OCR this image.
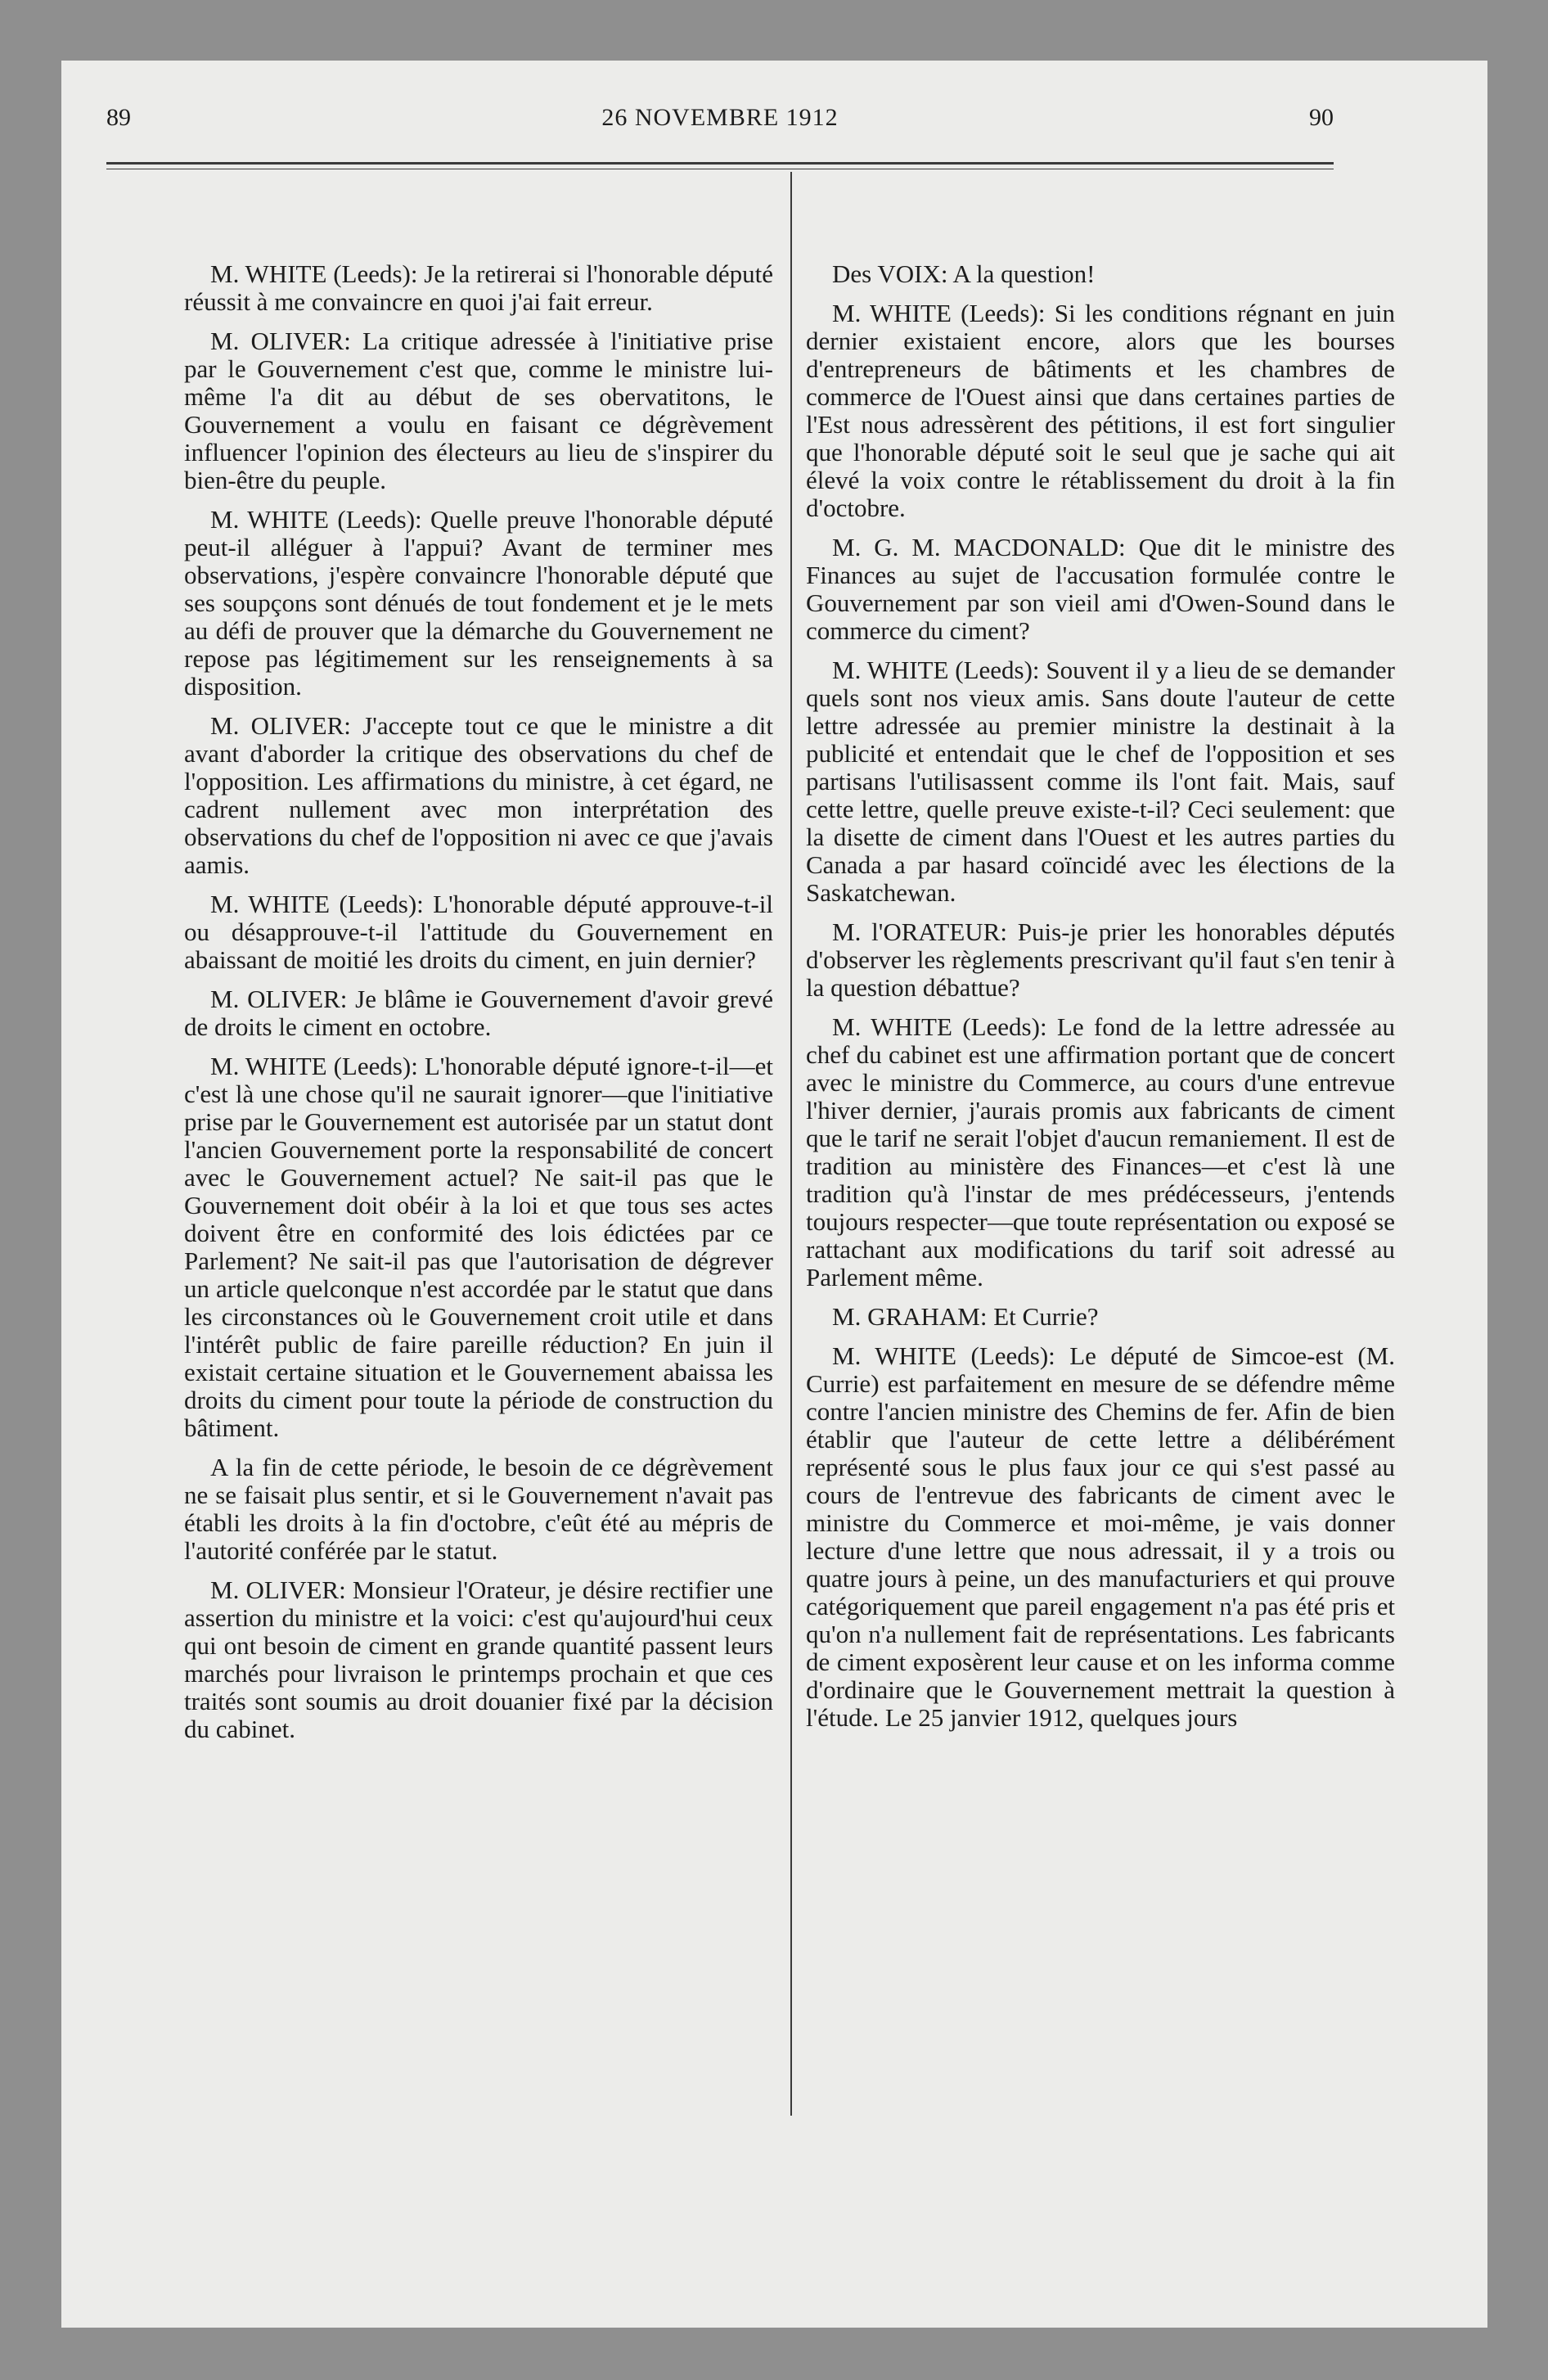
89	26 NOVEMBRE 1912	90

M. WHITE (Leeds): Je la retirerai si l'honorable député réussit à me convaincre en quoi j'ai fait erreur.

M. OLIVER: La critique adressée à l'initiative prise par le Gouvernement c'est que, comme le ministre lui-même l'a dit au début de ses obervatitons, le Gouvernement a voulu en faisant ce dégrèvement influencer l'opinion des électeurs au lieu de s'inspirer du bien-être du peuple.

M. WHITE (Leeds): Quelle preuve l'honorable député peut-il alléguer à l'appui? Avant de terminer mes observations, j'espère convaincre l'honorable député que ses soupçons sont dénués de tout fondement et je le mets au défi de prouver que la démarche du Gouvernement ne repose pas légitimement sur les renseignements à sa disposition.

M. OLIVER: J'accepte tout ce que le ministre a dit avant d'aborder la critique des observations du chef de l'opposition. Les affirmations du ministre, à cet égard, ne cadrent nullement avec mon interprétation des observations du chef de l'opposition ni avec ce que j'avais aamis.

M. WHITE (Leeds): L'honorable député approuve-t-il ou désapprouve-t-il l'attitude du Gouvernement en abaissant de moitié les droits du ciment, en juin dernier?

M. OLIVER: Je blâme ie Gouvernement d'avoir grevé de droits le ciment en octobre.

M. WHITE (Leeds): L'honorable député ignore-t-il—et c'est là une chose qu'il ne saurait ignorer—que l'initiative prise par le Gouvernement est autorisée par un statut dont l'ancien Gouvernement porte la responsabilité de concert avec le Gouvernement actuel? Ne sait-il pas que le Gouvernement doit obéir à la loi et que tous ses actes doivent être en conformité des lois édictées par ce Parlement? Ne sait-il pas que l'autorisation de dégrever un article quelconque n'est accordée par le statut que dans les circonstances où le Gouvernement croit utile et dans l'intérêt public de faire pareille réduction? En juin il existait certaine situation et le Gouvernement abaissa les droits du ciment pour toute la période de construction du bâtiment.

A la fin de cette période, le besoin de ce dégrèvement ne se faisait plus sentir, et si le Gouvernement n'avait pas établi les droits à la fin d'octobre, c'eût été au mépris de l'autorité conférée par le statut.

M. OLIVER: Monsieur l'Orateur, je désire rectifier une assertion du ministre et la voici: c'est qu'aujourd'hui ceux qui ont besoin de ciment en grande quantité passent leurs marchés pour livraison le printemps prochain et que ces traités sont soumis au droit douanier fixé par la décision du cabinet.

Des VOIX: A la question!

M. WHITE (Leeds): Si les conditions régnant en juin dernier existaient encore, alors que les bourses d'entrepreneurs de bâtiments et les chambres de commerce de l'Ouest ainsi que dans certaines parties de l'Est nous adressèrent des pétitions, il est fort singulier que l'honorable député soit le seul que je sache qui ait élevé la voix contre le rétablissement du droit à la fin d'octobre.

M. G. M. MACDONALD: Que dit le ministre des Finances au sujet de l'accusation formulée contre le Gouvernement par son vieil ami d'Owen-Sound dans le commerce du ciment?

M. WHITE (Leeds): Souvent il y a lieu de se demander quels sont nos vieux amis. Sans doute l'auteur de cette lettre adressée au premier ministre la destinait à la publicité et entendait que le chef de l'opposition et ses partisans l'utilisassent comme ils l'ont fait. Mais, sauf cette lettre, quelle preuve existe-t-il? Ceci seulement: que la disette de ciment dans l'Ouest et les autres parties du Canada a par hasard coïncidé avec les élections de la Saskatchewan.

M. l'ORATEUR: Puis-je prier les honorables députés d'observer les règlements prescrivant qu'il faut s'en tenir à la question débattue?

M. WHITE (Leeds): Le fond de la lettre adressée au chef du cabinet est une affirmation portant que de concert avec le ministre du Commerce, au cours d'une entrevue l'hiver dernier, j'aurais promis aux fabricants de ciment que le tarif ne serait l'objet d'aucun remaniement. Il est de tradition au ministère des Finances—et c'est là une tradition qu'à l'instar de mes prédécesseurs, j'entends toujours respecter—que toute représentation ou exposé se rattachant aux modifications du tarif soit adressé au Parlement même.

M. GRAHAM: Et Currie?

M. WHITE (Leeds): Le député de Simcoe-est (M. Currie) est parfaitement en mesure de se défendre même contre l'ancien ministre des Chemins de fer. Afin de bien établir que l'auteur de cette lettre a délibérément représenté sous le plus faux jour ce qui s'est passé au cours de l'entrevue des fabricants de ciment avec le ministre du Commerce et moi-même, je vais donner lecture d'une lettre que nous adressait, il y a trois ou quatre jours à peine, un des manufacturiers et qui prouve catégoriquement que pareil engagement n'a pas été pris et qu'on n'a nullement fait de représentations. Les fabricants de ciment exposèrent leur cause et on les informa comme d'ordinaire que le Gouvernement mettrait la question à l'étude. Le 25 janvier 1912, quelques jours
